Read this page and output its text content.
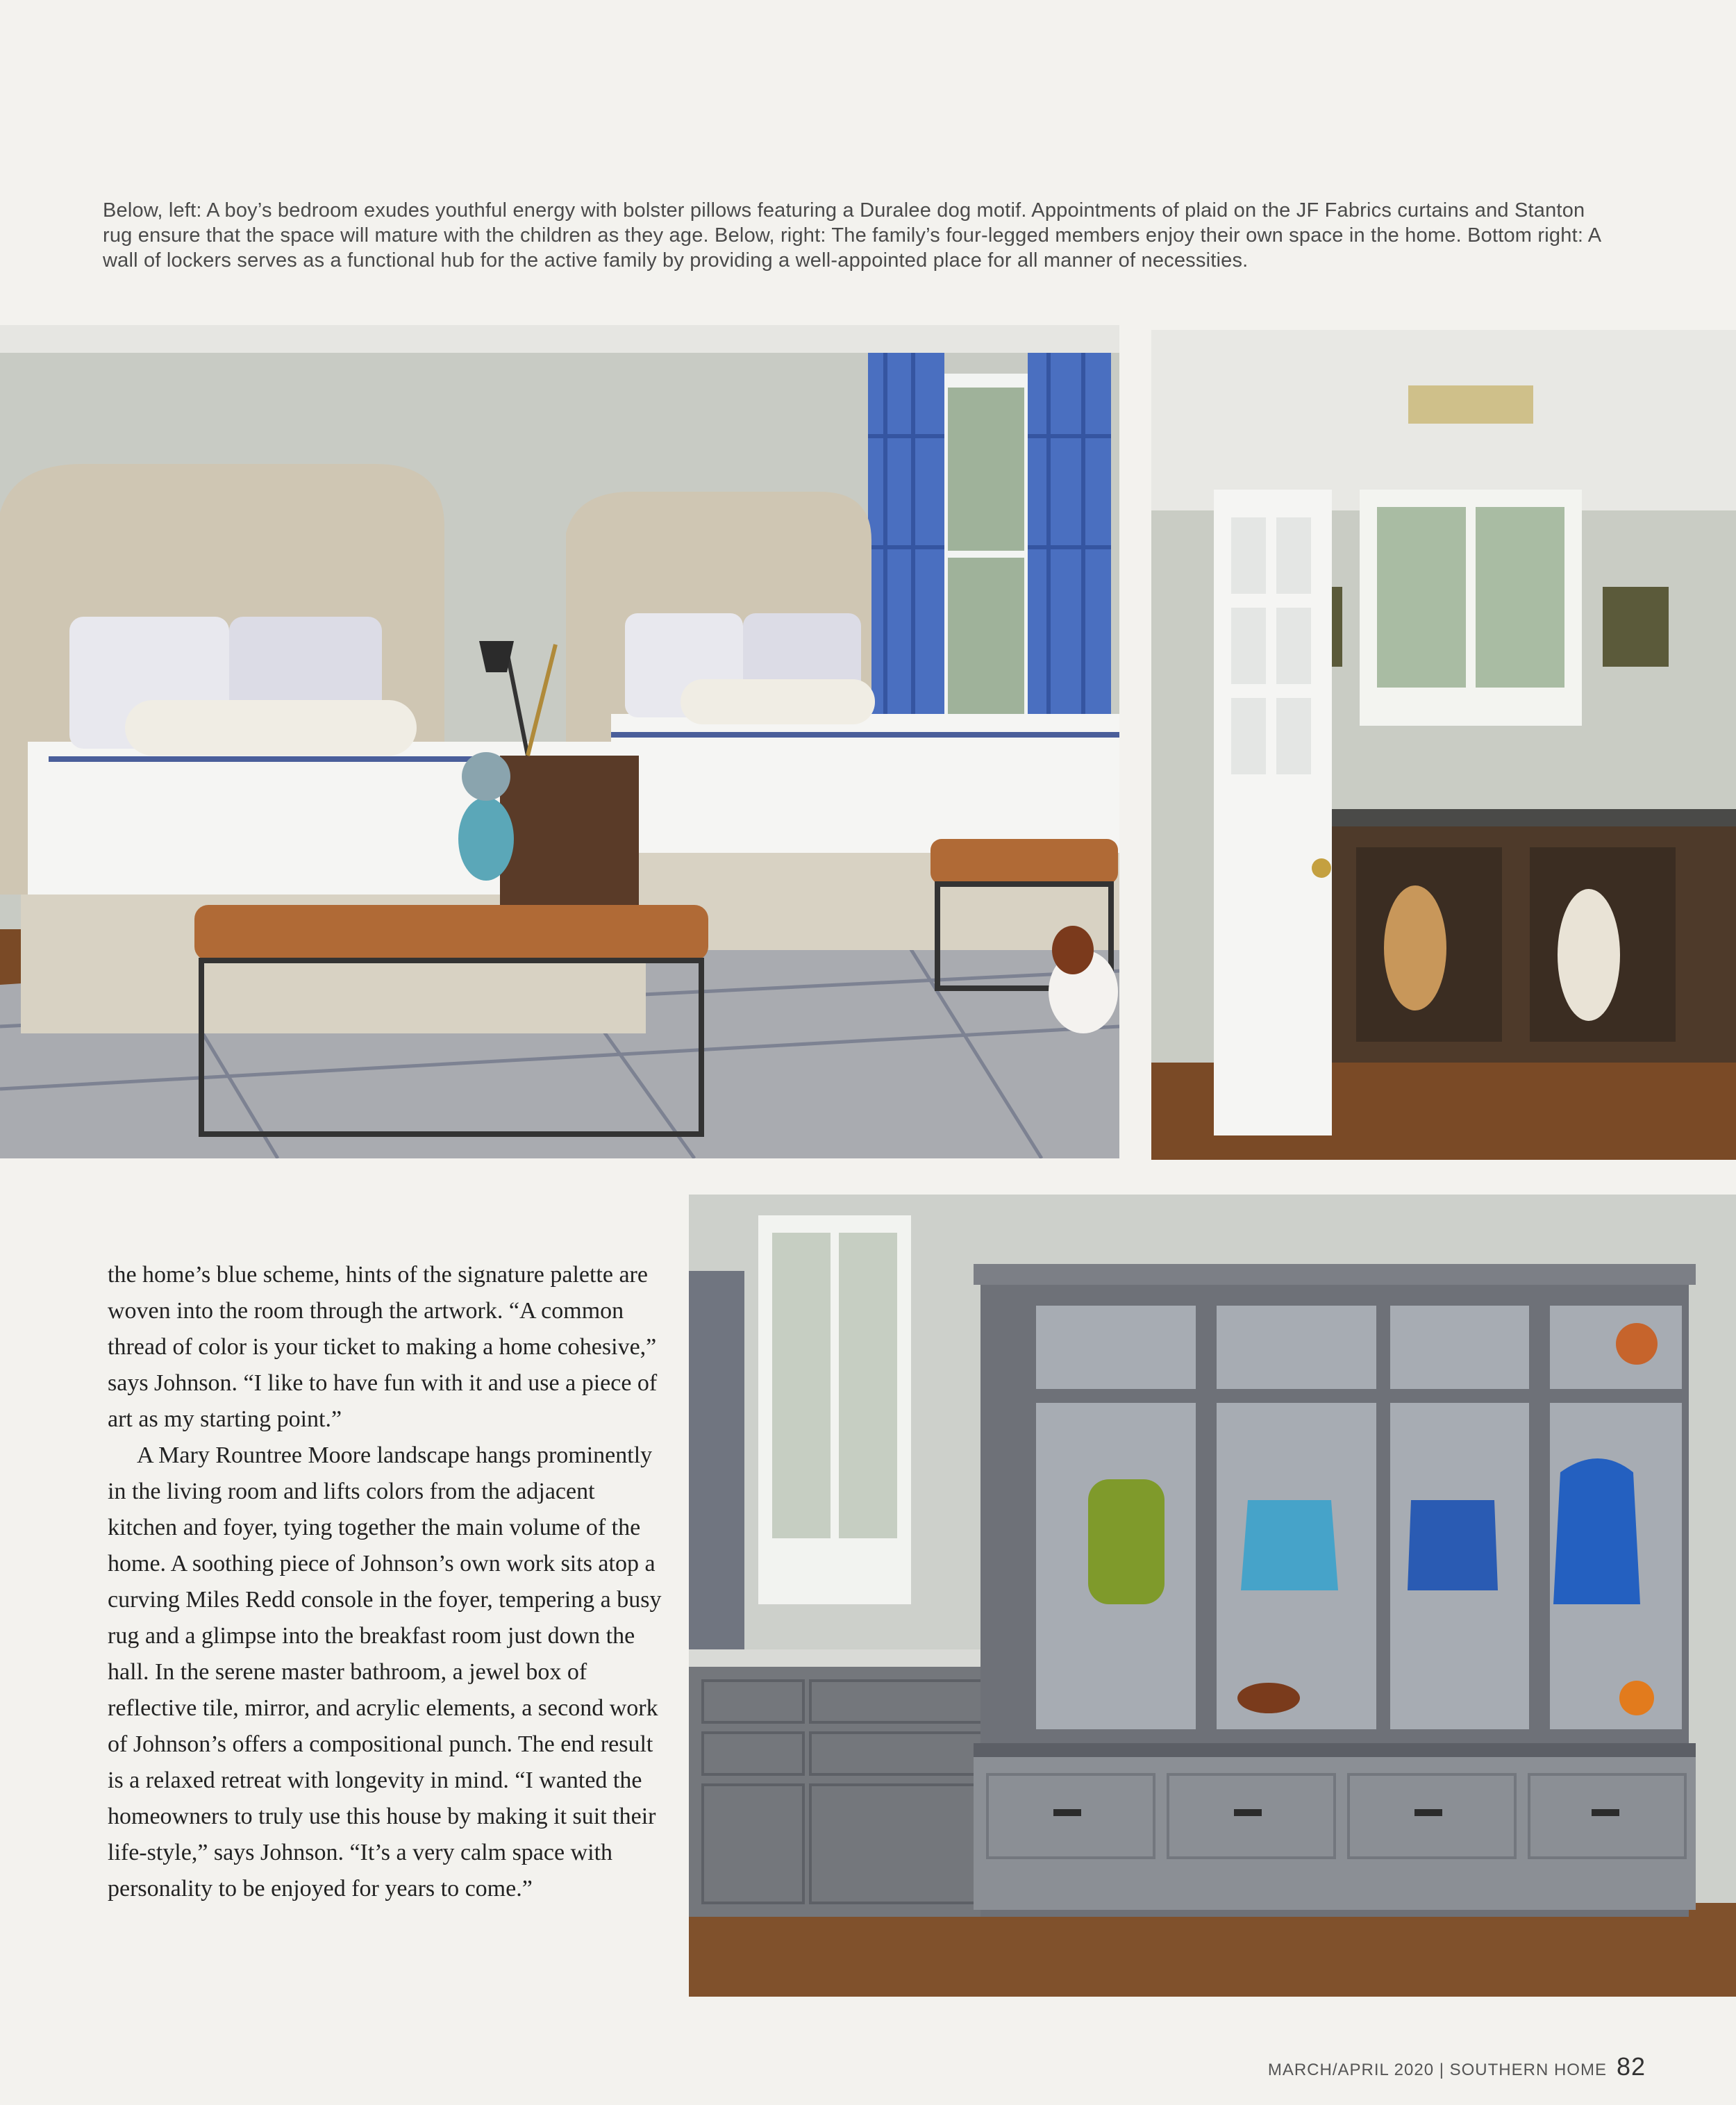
Below, left: A boy’s bedroom exudes youthful energy with bolster pillows featuring a Duralee dog motif. Appointments of plaid on the JF Fabrics curtains and Stanton rug ensure that the space will mature with the children as they age. Below, right: The family’s four-legged members enjoy their own space in the home. Bottom right: A wall of lockers serves as a functional hub for the active family by providing a well-appointed place for all manner of necessities.

the home’s blue scheme, hints of the signature palette are woven into the room through the artwork. “A common thread of color is your ticket to making a home cohesive,” says Johnson. “I like to have fun with it and use a piece of art as my starting point.”

A Mary Rountree Moore landscape hangs prominently in the living room and lifts colors from the adjacent kitchen and foyer, tying together the main volume of the home. A soothing piece of Johnson’s own work sits atop a curving Miles Redd console in the foyer, tempering a busy rug and a glimpse into the breakfast room just down the hall. In the serene master bathroom, a jewel box of reflective tile, mirror, and acrylic elements, a second work of Johnson’s offers a compositional punch. The end result is a relaxed retreat with longevity in mind. “I wanted the homeowners to truly use this house by making it suit their life-style,” says Johnson. “It’s a very calm space with personality to be enjoyed for years to come.”

MARCH/APRIL 2020 | SOUTHERN HOME 82
